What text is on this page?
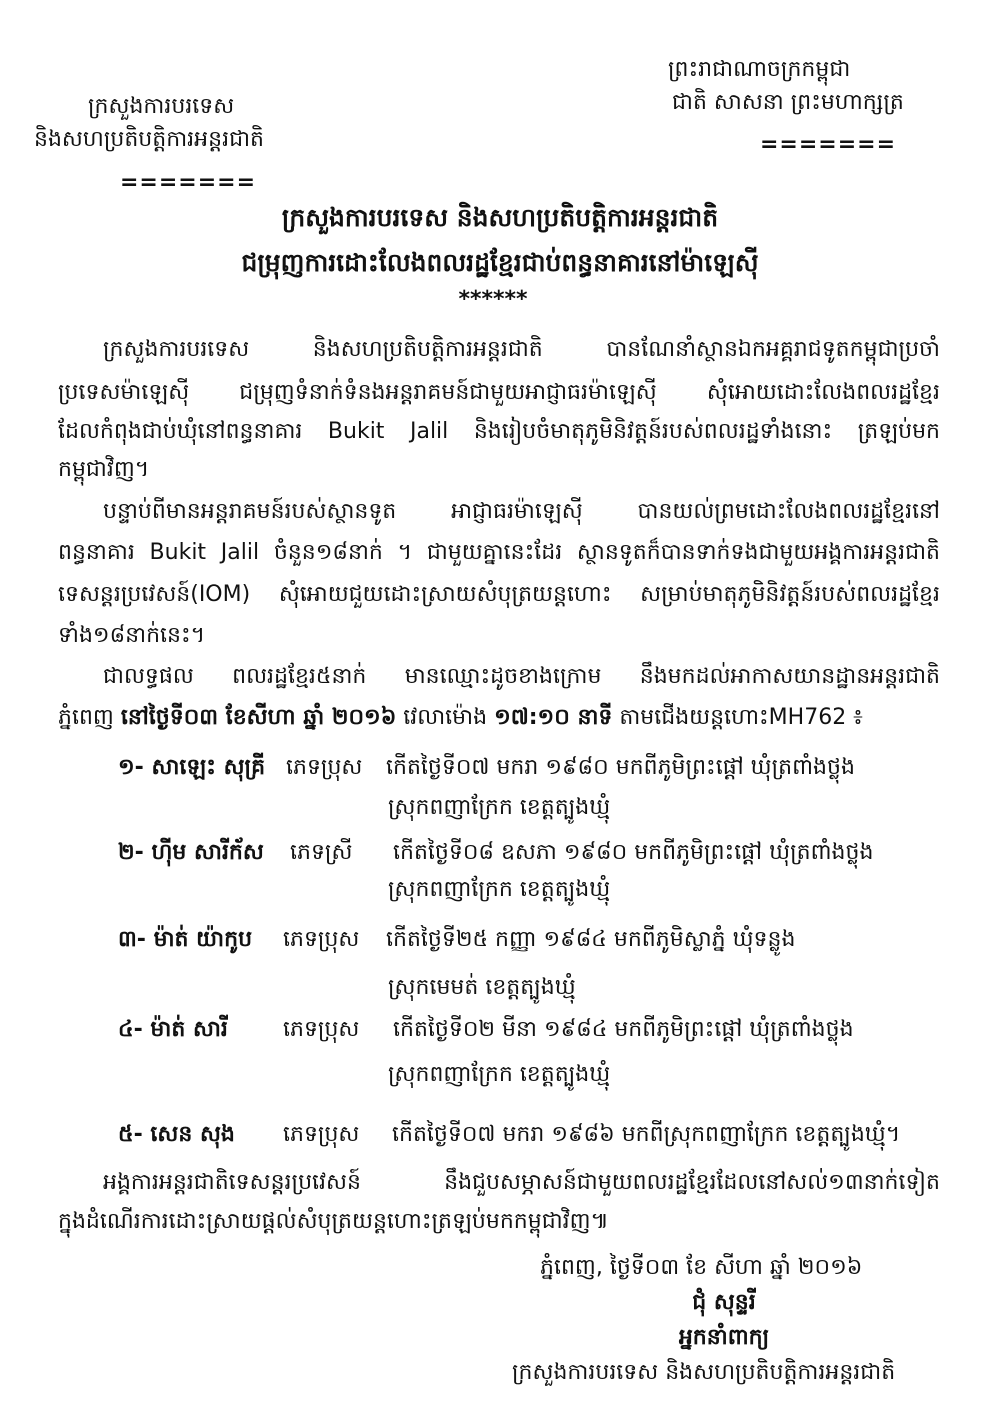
ព្រះរាជាណាចក្រកម្ពុជា
ជាតិ សាសនា ព្រះមហាក្សត្រ
=======
ក្រសួងការបរទេស
និងសហប្រតិបត្តិការអន្តរជាតិ
=======
ក្រសួងការបរទេស និងសហប្រតិបត្តិការអន្តរជាតិ
ជម្រុញការដោះលែងពលរដ្ឋខ្មែរជាប់ពន្ធនាគារនៅម៉ាឡេស៊ី
******
ក្រសួងការបរទេស និងសហប្រតិបត្តិការអន្តរជាតិ បានណែនាំស្ថានឯកអគ្គរាជទូតកម្ពុជាប្រចាំ
ប្រទេសម៉ាឡេស៊ី ជម្រុញទំនាក់ទំនងអន្តរាគមន៍ជាមួយអាជ្ញាធរម៉ាឡេស៊ី សុំអោយដោះលែងពលរដ្ឋខ្មែរ
ដែលកំពុងជាប់ឃុំនៅពន្ធនាគារ Bukit Jalil និងរៀបចំមាតុភូមិនិវត្តន៍របស់ពលរដ្ឋទាំងនោះ ត្រឡប់មក
កម្ពុជាវិញ។
បន្ទាប់ពីមានអន្តរាគមន៍របស់ស្ថានទូត អាជ្ញាធរម៉ាឡេស៊ី បានយល់ព្រមដោះលែងពលរដ្ឋខ្មែរនៅ
ពន្ធនាគារ Bukit Jalil ចំនួន១៨នាក់ ។ ជាមួយគ្នានេះដែរ ស្ថានទូតក៏បានទាក់ទងជាមួយអង្គការអន្តរជាតិ
ទេសន្តរប្រវេសន៍(IOM) សុំអោយជួយដោះស្រាយសំបុត្រយន្តហោះ សម្រាប់មាតុភូមិនិវត្តន៍របស់ពលរដ្ឋខ្មែរ
ទាំង១៨នាក់នេះ។
ជាលទ្ធផល ពលរដ្ឋខ្មែរ៥នាក់ មានឈ្មោះដូចខាងក្រោម នឹងមកដល់អាកាសយានដ្ឋានអន្តរជាតិ
ភ្នំពេញ នៅថ្ងៃទី០៣ ខែសីហា ឆ្នាំ ២០១៦ វេលាម៉ោង ១៧:១០ នាទី តាមជើងយន្តហោះMH762 ៖
១- សាឡេះ សុគ្រី ភេទប្រុស កើតថ្ងៃទី០៧ មករា ១៩៨០ មកពីភូមិព្រះផ្តៅ ឃុំត្រពាំងថ្លុង
ស្រុកពញាក្រែក ខេត្តត្បូងឃ្មុំ
២- ហ៊ីម សារីក័ស ភេទស្រី កើតថ្ងៃទី០៨ ឧសភា ១៩៨០ មកពីភូមិព្រះផ្តៅ ឃុំត្រពាំងថ្លុង
ស្រុកពញាក្រែក ខេត្តត្បូងឃ្មុំ
៣- ម៉ាត់ យ៉ាកូប ភេទប្រុស កើតថ្ងៃទី២៥ កញ្ញា ១៩៨៤ មកពីភូមិស្លាភ្នំ ឃុំទន្លូង
ស្រុកមេមត់ ខេត្តត្បូងឃ្មុំ
៤- ម៉ាត់ សារី	ភេទប្រុស កើតថ្ងៃទី០២ មីនា ១៩៨៤ មកពីភូមិព្រះផ្តៅ ឃុំត្រពាំងថ្លុង
ស្រុកពញាក្រែក ខេត្តត្បូងឃ្មុំ
៥- សេន សុង ភេទប្រុស កើតថ្ងៃទី០៧ មករា ១៩៨៦ មកពីស្រុកពញាក្រែក ខេត្តត្បូងឃ្មុំ។
អង្គការអន្តរជាតិទេសន្តរប្រវេសន៍ នឹងជួបសម្ភាសន៍ជាមួយពលរដ្ឋខ្មែរដែលនៅសល់១៣នាក់ទៀត
ក្នុងដំណើរការដោះស្រាយផ្តល់សំបុត្រយន្តហោះត្រឡប់មកកម្ពុជាវិញ៕
ភ្នំពេញ, ថ្ងៃទី០៣ ខែ សីហា ឆ្នាំ ២០១៦
ជុំ សុន្ទរី
អ្នកនាំពាក្យ
ក្រសួងការបរទេស និងសហប្រតិបត្តិការអន្តរជាតិ
